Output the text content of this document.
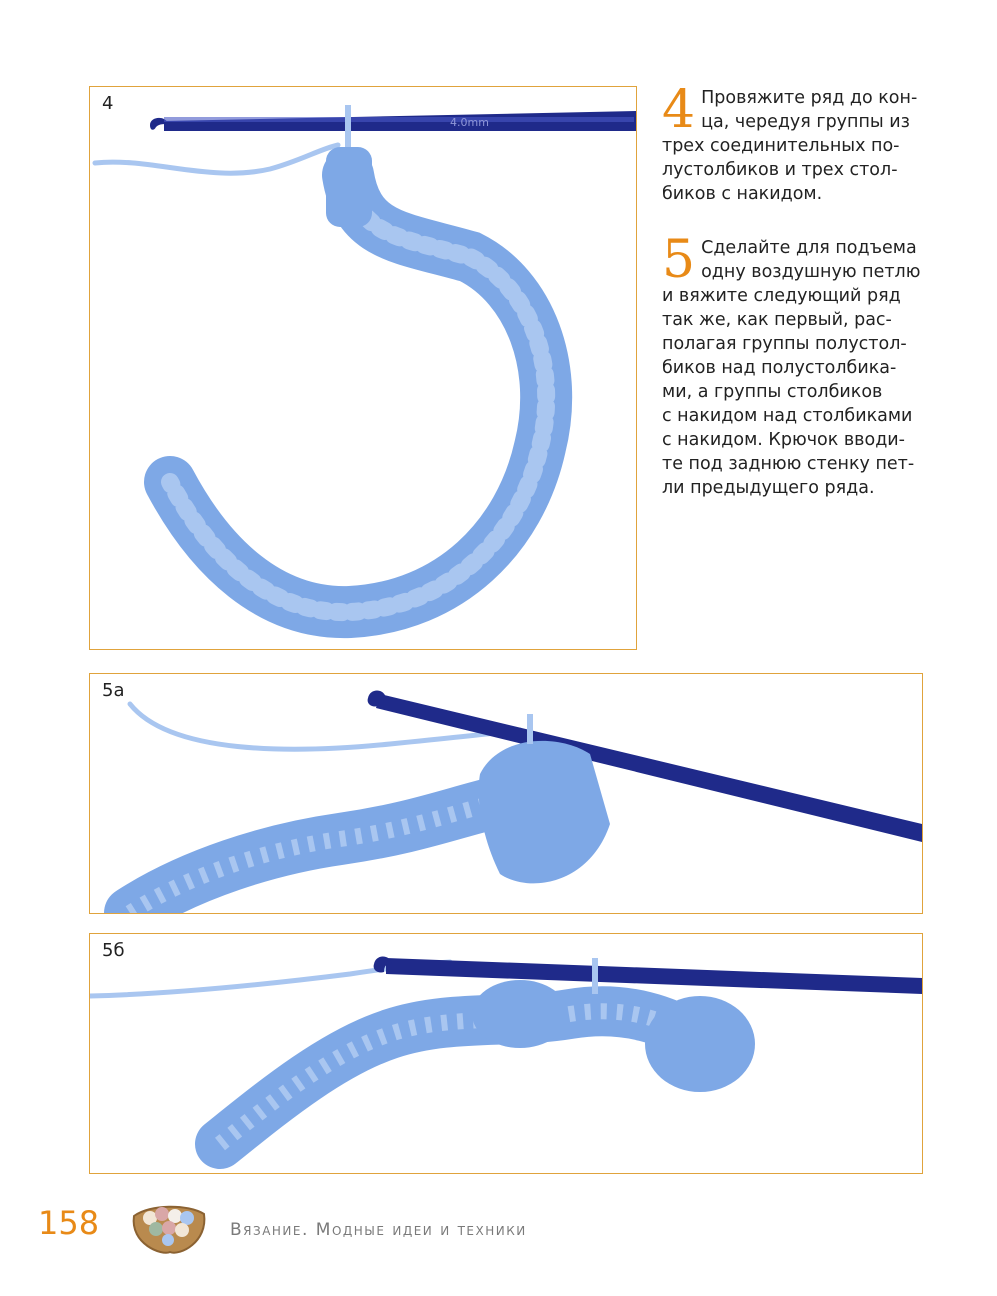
4
4.0mm	4 Провяжите ряд до кон-
ца, чередуя группы из
трех соединительных по-
лустолбиков и трех стол-
биков с накидом.
5 Сделайте для подъема
одну воздушную петлю
и вяжите следующий ряд
так же, как первый, рас-
полагая группы полустол-
биков над полустолбика-
ми, а группы столбиков
с накидом над столбиками
с накидом. Крючок вводи-
те под заднюю стенку пет-
ли предыдущего ряда.
5а
5б
158	Вязание. Модные идеи и техники
